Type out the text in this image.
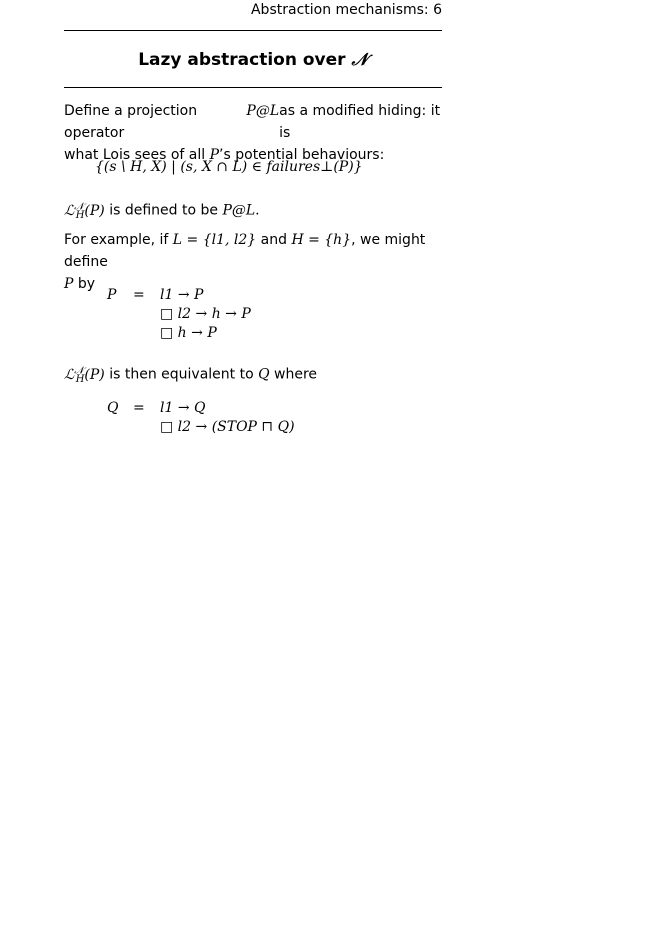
Abstraction mechanisms: 6
Lazy abstraction over 𝒩
Define a projection operator
P@L as a modified hiding: it is
what Lois sees of all P’s potential behaviours:
{(s \ H, X) | (s, X ∩ L) ∈ failures⊥(P)}
ℒ$^𝒩_H$(P) is defined to be P@L.
For example, if L = {l1, l2} and H = {h}, we might define
P by
P = l1 → P
□ l2 → h → P
□ h → P
ℒ$^𝒩_H$(P) is then equivalent to Q where
Q = l1 → Q
□ l2 → (STOP ⊓ Q)
